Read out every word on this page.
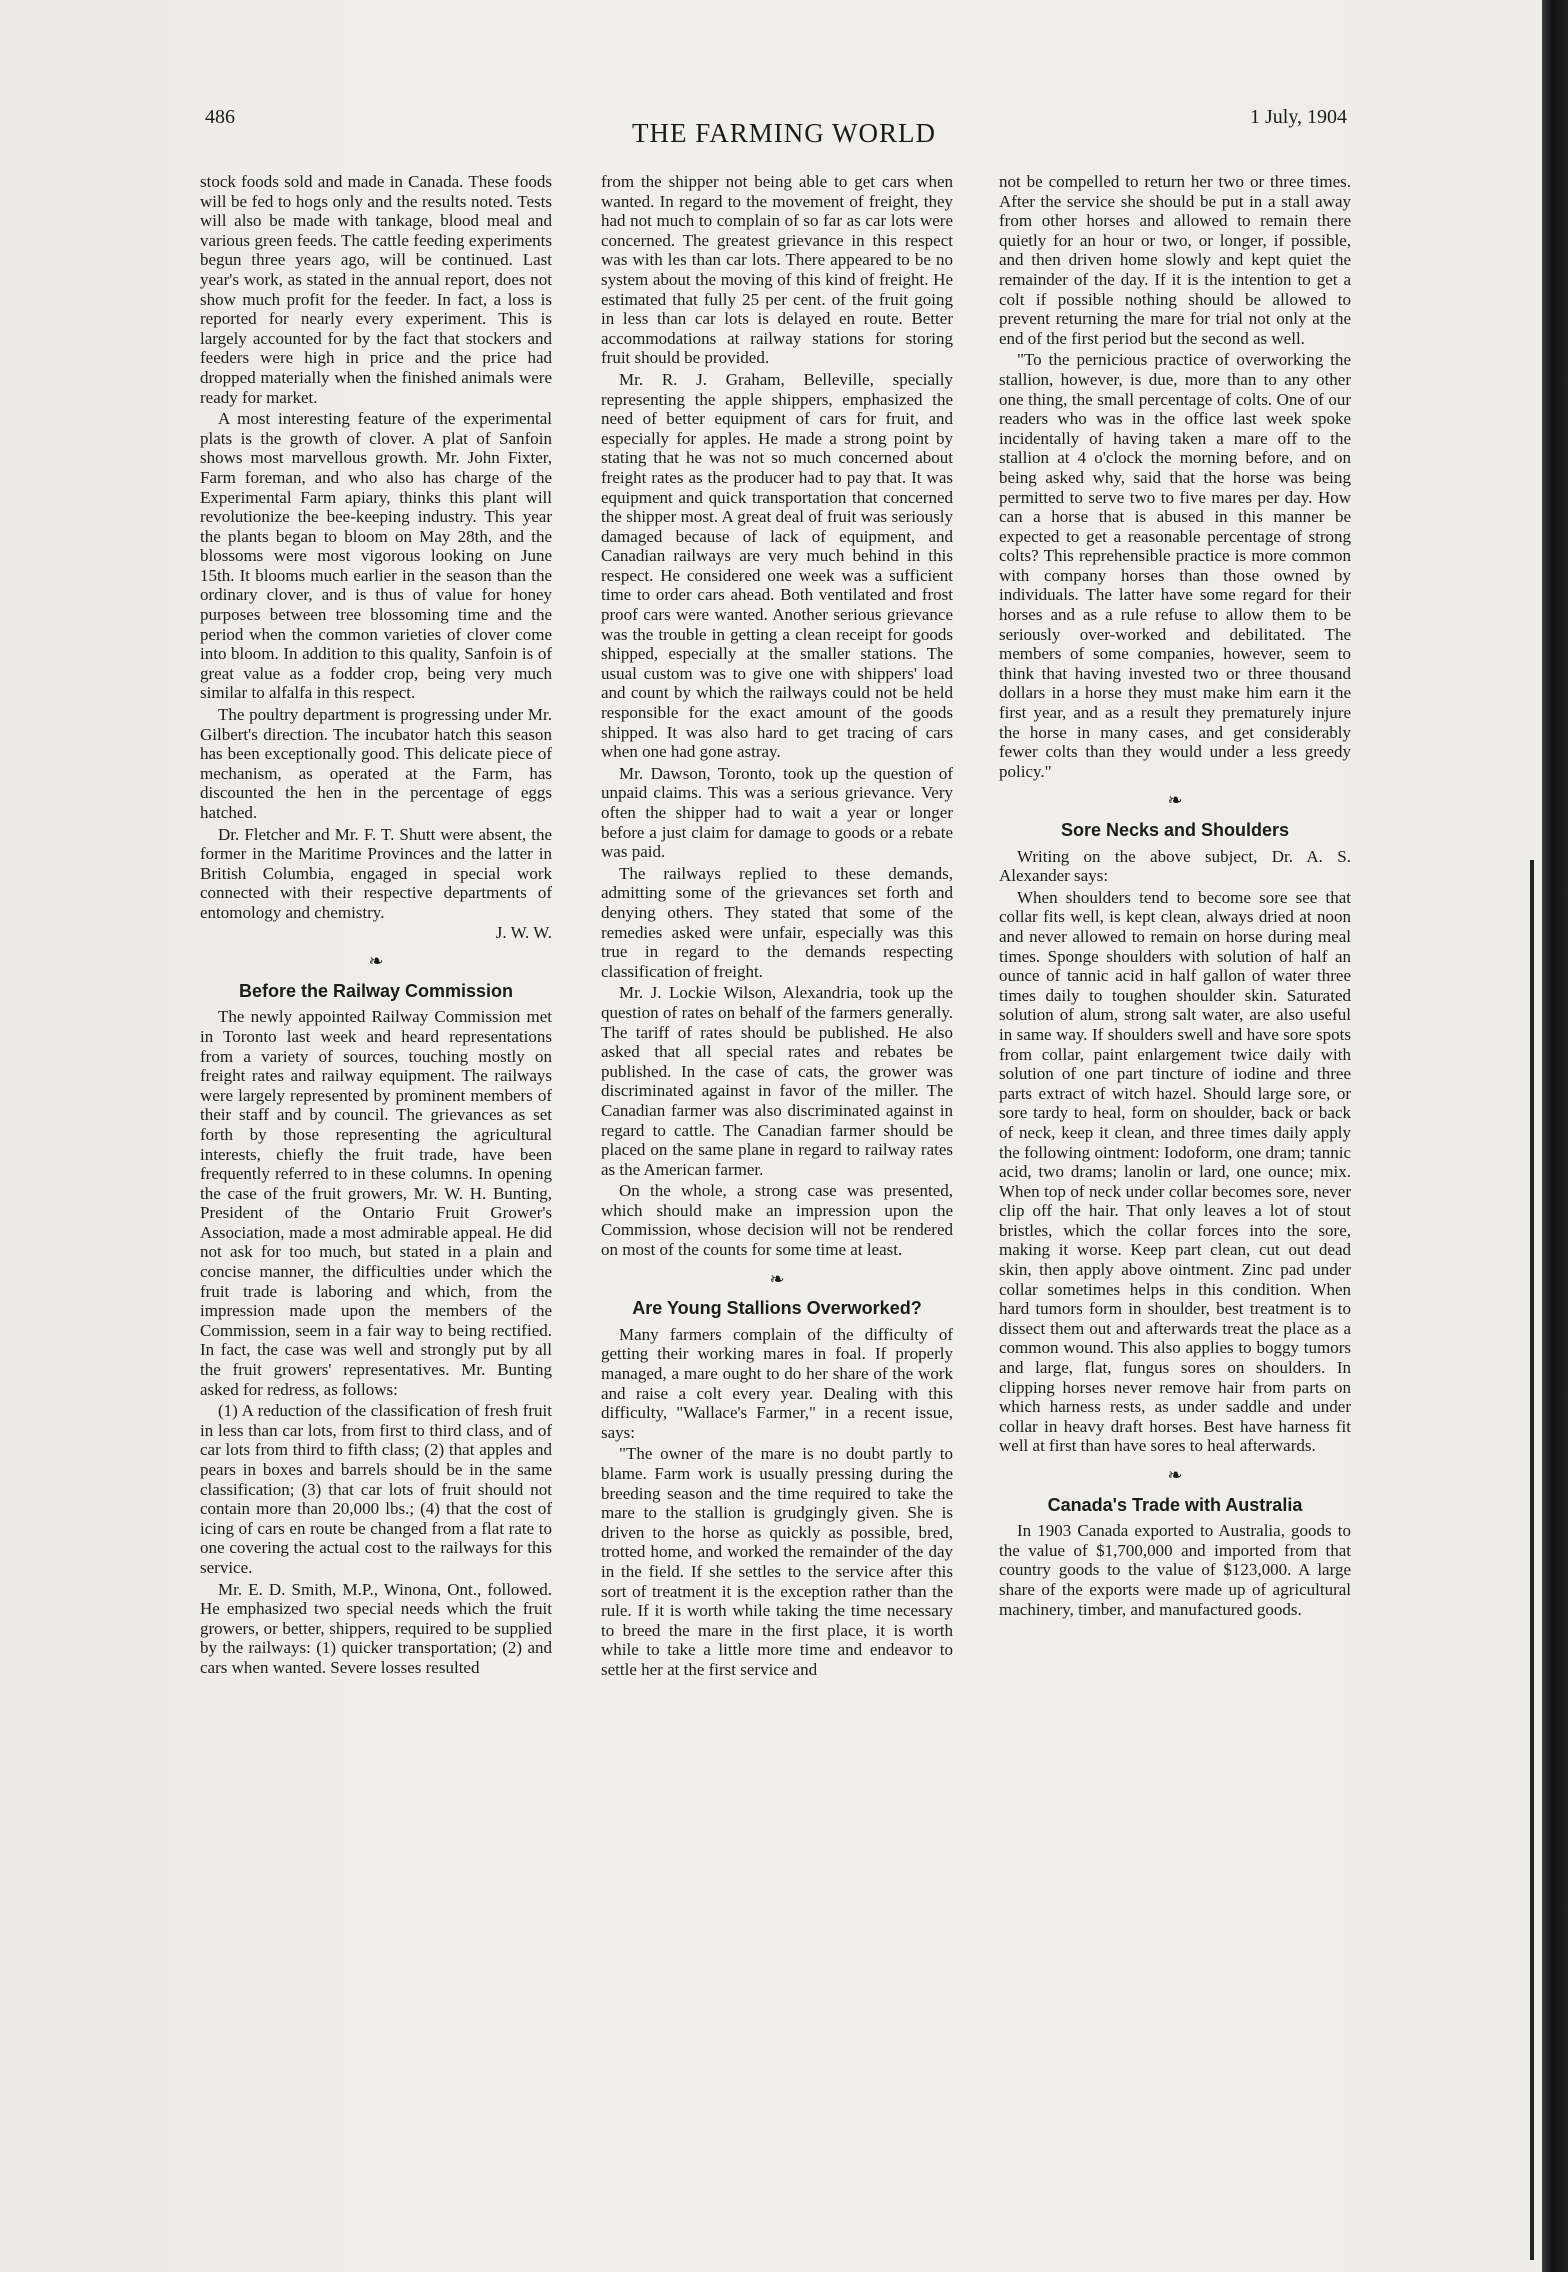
486
THE FARMING WORLD
1 July, 1904

stock foods sold and made in Canada. These foods will be fed to hogs only and the results noted. Tests will also be made with tankage, blood meal and various green feeds. The cattle feeding experiments begun three years ago, will be continued. Last year's work, as stated in the annual report, does not show much profit for the feeder. In fact, a loss is reported for nearly every experiment. This is largely accounted for by the fact that stockers and feeders were high in price and the price had dropped materially when the finished animals were ready for market.

A most interesting feature of the experimental plats is the growth of clover. A plat of Sanfoin shows most marvellous growth. Mr. John Fixter, Farm foreman, and who also has charge of the Experimental Farm apiary, thinks this plant will revolutionize the bee-keeping industry. This year the plants began to bloom on May 28th, and the blossoms were most vigorous looking on June 15th. It blooms much earlier in the season than the ordinary clover, and is thus of value for honey purposes between tree blossoming time and the period when the common varieties of clover come into bloom. In addition to this quality, Sanfoin is of great value as a fodder crop, being very much similar to alfalfa in this respect.

The poultry department is progressing under Mr. Gilbert's direction. The incubator hatch this season has been exceptionally good. This delicate piece of mechanism, as operated at the Farm, has discounted the hen in the percentage of eggs hatched.

Dr. Fletcher and Mr. F. T. Shutt were absent, the former in the Maritime Provinces and the latter in British Columbia, engaged in special work connected with their respective departments of entomology and chemistry.

J. W. W.

❧
Before the Railway Commission

The newly appointed Railway Commission met in Toronto last week and heard representations from a variety of sources, touching mostly on freight rates and railway equipment. The railways were largely represented by prominent members of their staff and by council. The grievances as set forth by those representing the agricultural interests, chiefly the fruit trade, have been frequently referred to in these columns. In opening the case of the fruit growers, Mr. W. H. Bunting, President of the Ontario Fruit Grower's Association, made a most admirable appeal. He did not ask for too much, but stated in a plain and concise manner, the difficulties under which the fruit trade is laboring and which, from the impression made upon the members of the Commission, seem in a fair way to being rectified. In fact, the case was well and strongly put by all the fruit growers' representatives. Mr. Bunting asked for redress, as follows:

(1) A reduction of the classification of fresh fruit in less than car lots, from first to third class, and of car lots from third to fifth class; (2) that apples and pears in boxes and barrels should be in the same classification; (3) that car lots of fruit should not contain more than 20,000 lbs.; (4) that the cost of icing of cars en route be changed from a flat rate to one covering the actual cost to the railways for this service.

Mr. E. D. Smith, M.P., Winona, Ont., followed. He emphasized two special needs which the fruit growers, or better, shippers, required to be supplied by the railways: (1) quicker transportation; (2) and cars when wanted. Severe losses resulted

from the shipper not being able to get cars when wanted. In regard to the movement of freight, they had not much to complain of so far as car lots were concerned. The greatest grievance in this respect was with les than car lots. There appeared to be no system about the moving of this kind of freight. He estimated that fully 25 per cent. of the fruit going in less than car lots is delayed en route. Better accommodations at railway stations for storing fruit should be provided.

Mr. R. J. Graham, Belleville, specially representing the apple shippers, emphasized the need of better equipment of cars for fruit, and especially for apples. He made a strong point by stating that he was not so much concerned about freight rates as the producer had to pay that. It was equipment and quick transportation that concerned the shipper most. A great deal of fruit was seriously damaged because of lack of equipment, and Canadian railways are very much behind in this respect. He considered one week was a sufficient time to order cars ahead. Both ventilated and frost proof cars were wanted. Another serious grievance was the trouble in getting a clean receipt for goods shipped, especially at the smaller stations. The usual custom was to give one with shippers' load and count by which the railways could not be held responsible for the exact amount of the goods shipped. It was also hard to get tracing of cars when one had gone astray.

Mr. Dawson, Toronto, took up the question of unpaid claims. This was a serious grievance. Very often the shipper had to wait a year or longer before a just claim for damage to goods or a rebate was paid.

The railways replied to these demands, admitting some of the grievances set forth and denying others. They stated that some of the remedies asked were unfair, especially was this true in regard to the demands respecting classification of freight.

Mr. J. Lockie Wilson, Alexandria, took up the question of rates on behalf of the farmers generally. The tariff of rates should be published. He also asked that all special rates and rebates be published. In the case of cats, the grower was discriminated against in favor of the miller. The Canadian farmer was also discriminated against in regard to cattle. The Canadian farmer should be placed on the same plane in regard to railway rates as the American farmer.

On the whole, a strong case was presented, which should make an impression upon the Commission, whose decision will not be rendered on most of the counts for some time at least.

❧
Are Young Stallions Overworked?

Many farmers complain of the difficulty of getting their working mares in foal. If properly managed, a mare ought to do her share of the work and raise a colt every year. Dealing with this difficulty, "Wallace's Farmer," in a recent issue, says:

"The owner of the mare is no doubt partly to blame. Farm work is usually pressing during the breeding season and the time required to take the mare to the stallion is grudgingly given. She is driven to the horse as quickly as possible, bred, trotted home, and worked the remainder of the day in the field. If she settles to the service after this sort of treatment it is the exception rather than the rule. If it is worth while taking the time necessary to breed the mare in the first place, it is worth while to take a little more time and endeavor to settle her at the first service and

not be compelled to return her two or three times. After the service she should be put in a stall away from other horses and allowed to remain there quietly for an hour or two, or longer, if possible, and then driven home slowly and kept quiet the remainder of the day. If it is the intention to get a colt if possible nothing should be allowed to prevent returning the mare for trial not only at the end of the first period but the second as well.

"To the pernicious practice of overworking the stallion, however, is due, more than to any other one thing, the small percentage of colts. One of our readers who was in the office last week spoke incidentally of having taken a mare off to the stallion at 4 o'clock the morning before, and on being asked why, said that the horse was being permitted to serve two to five mares per day. How can a horse that is abused in this manner be expected to get a reasonable percentage of strong colts? This reprehensible practice is more common with company horses than those owned by individuals. The latter have some regard for their horses and as a rule refuse to allow them to be seriously over-worked and debilitated. The members of some companies, however, seem to think that having invested two or three thousand dollars in a horse they must make him earn it the first year, and as a result they prematurely injure the horse in many cases, and get considerably fewer colts than they would under a less greedy policy."

❧
Sore Necks and Shoulders

Writing on the above subject, Dr. A. S. Alexander says:

When shoulders tend to become sore see that collar fits well, is kept clean, always dried at noon and never allowed to remain on horse during meal times. Sponge shoulders with solution of half an ounce of tannic acid in half gallon of water three times daily to toughen shoulder skin. Saturated solution of alum, strong salt water, are also useful in same way. If shoulders swell and have sore spots from collar, paint enlargement twice daily with solution of one part tincture of iodine and three parts extract of witch hazel. Should large sore, or sore tardy to heal, form on shoulder, back or back of neck, keep it clean, and three times daily apply the following ointment: Iodoform, one dram; tannic acid, two drams; lanolin or lard, one ounce; mix. When top of neck under collar becomes sore, never clip off the hair. That only leaves a lot of stout bristles, which the collar forces into the sore, making it worse. Keep part clean, cut out dead skin, then apply above ointment. Zinc pad under collar sometimes helps in this condition. When hard tumors form in shoulder, best treatment is to dissect them out and afterwards treat the place as a common wound. This also applies to boggy tumors and large, flat, fungus sores on shoulders. In clipping horses never remove hair from parts on which harness rests, as under saddle and under collar in heavy draft horses. Best have harness fit well at first than have sores to heal afterwards.

❧
Canada's Trade with Australia

In 1903 Canada exported to Australia, goods to the value of $1,700,000 and imported from that country goods to the value of $123,000. A large share of the exports were made up of agricultural machinery, timber, and manufactured goods.
